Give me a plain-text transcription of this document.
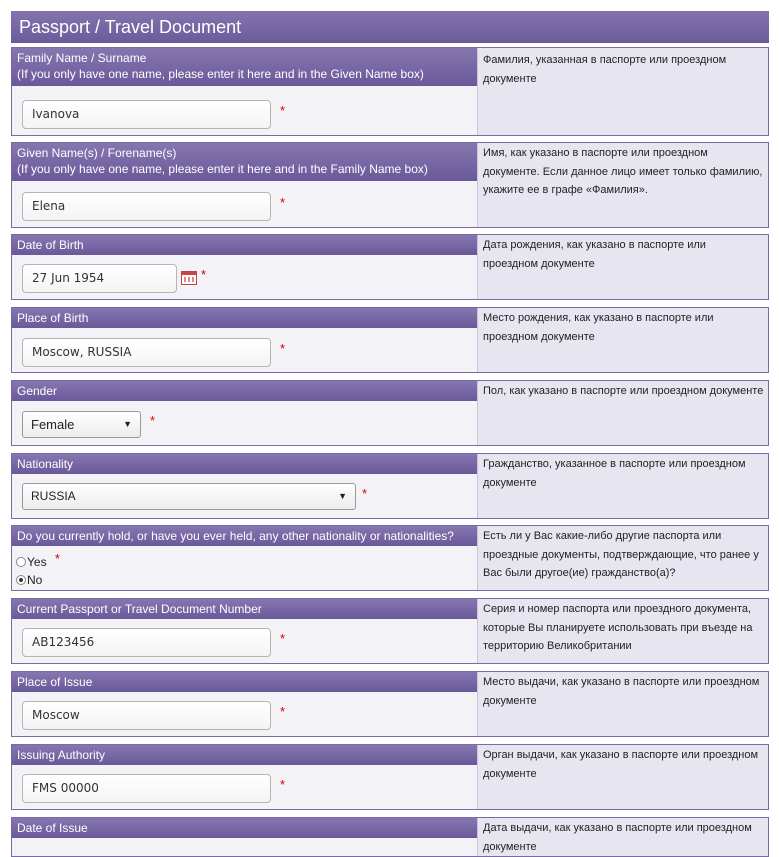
Passport / Travel Document
Family Name / Surname
(If you only have one name, please enter it here and in the Given Name box)
Ivanova	*
Фамилия, указанная в паспорте или проездном документе
Given Name(s) / Forename(s)
(If you only have one name, please enter it here and in the Family Name box)
Elena	*
Имя, как указано в паспорте или проездном документе. Если данное лицо имеет только фамилию, укажите ее в графе «Фамилия».
Date of Birth
27 Jun 1954	*
Дата рождения, как указано в паспорте или проездном документе
Place of Birth
Moscow, RUSSIA	*
Место рождения, как указано в паспорте или проездном документе
Gender
Female	▼ *
Пол, как указано в паспорте или проездном документе
Nationality
RUSSIA	▼ *
Гражданство, указанное в паспорте или проездном документе
Do you currently hold, or have you ever held, any other nationality or nationalities?
Yes *
No
Есть ли у Вас какие-либо другие паспорта или проездные документы, подтверждающие, что ранее у Вас были другое(ие) гражданство(а)?
Current Passport or Travel Document Number
AB123456	*
Серия и номер паспорта или проездного документа, которые Вы планируете использовать при въезде на территорию Великобритании
Place of Issue
Moscow	*
Место выдачи, как указано в паспорте или проездном документе
Issuing Authority
FMS 00000	*
Орган выдачи, как указано в паспорте или проездном документе
Date of Issue	Дата выдачи, как указано в паспорте или проездном документе
